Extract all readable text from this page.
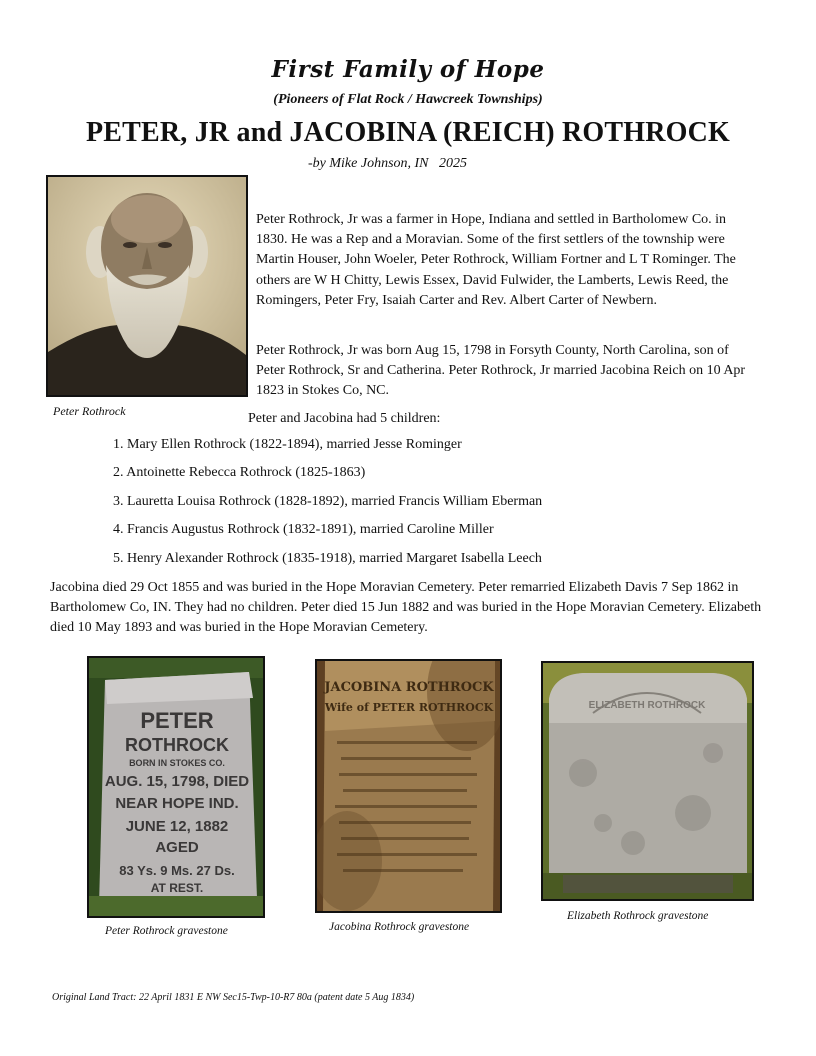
First Family of Hope
(Pioneers of Flat Rock / Hawcreek Townships)
PETER, JR and JACOBINA (REICH) ROTHROCK
-by Mike Johnson, IN   2025
Peter Rothrock

Peter Rothrock, Jr was a farmer in Hope, Indiana and settled in Bartholomew Co. in 1830. He was a Rep and a Moravian. Some of the first settlers of the township were Martin Houser, John Woeler, Peter Rothrock, William Fortner and L T Rominger. The others are W H Chitty, Lewis Essex, David Fulwider, the Lamberts, Lewis Reed, the Romingers, Peter Fry, Isaiah Carter and Rev. Albert Carter of Newbern.

Peter Rothrock, Jr was born Aug 15, 1798 in Forsyth County, North Carolina, son of Peter Rothrock, Sr and Catherina. Peter Rothrock, Jr married Jacobina Reich on 10 Apr 1823 in Stokes Co, NC.

Peter and Jacobina had 5 children:
1. Mary Ellen Rothrock (1822-1894), married Jesse Rominger
2. Antoinette Rebecca Rothrock (1825-1863)
3. Lauretta Louisa Rothrock (1828-1892), married Francis William Eberman
4. Francis Augustus Rothrock (1832-1891), married Caroline Miller
5. Henry Alexander Rothrock (1835-1918), married Margaret Isabella Leech

Jacobina died 29 Oct 1855 and was buried in the Hope Moravian Cemetery. Peter remarried Elizabeth Davis 7 Sep 1862 in Bartholomew Co, IN. They had no children. Peter died 15 Jun 1882 and was buried in the Hope Moravian Cemetery. Elizabeth died 10 May 1893 and was buried in the Hope Moravian Cemetery.

PETER
ROTHROCK
BORN IN STOKES CO.
AUG. 15, 1798, DIED
NEAR HOPE IND.
JUNE 12, 1882
AGED
83 Ys. 9 Ms. 27 Ds.
AT REST.
JACOBINA ROTHROCK
Wife of PETER ROTHROCK	ELIZABETH ROTHROCK
Peter Rothrock gravestone	Jacobina Rothrock gravestone
Elizabeth Rothrock gravestone
Original Land Tract: 22 April 1831 E NW Sec15-Twp-10-R7 80a (patent date 5 Aug 1834)
